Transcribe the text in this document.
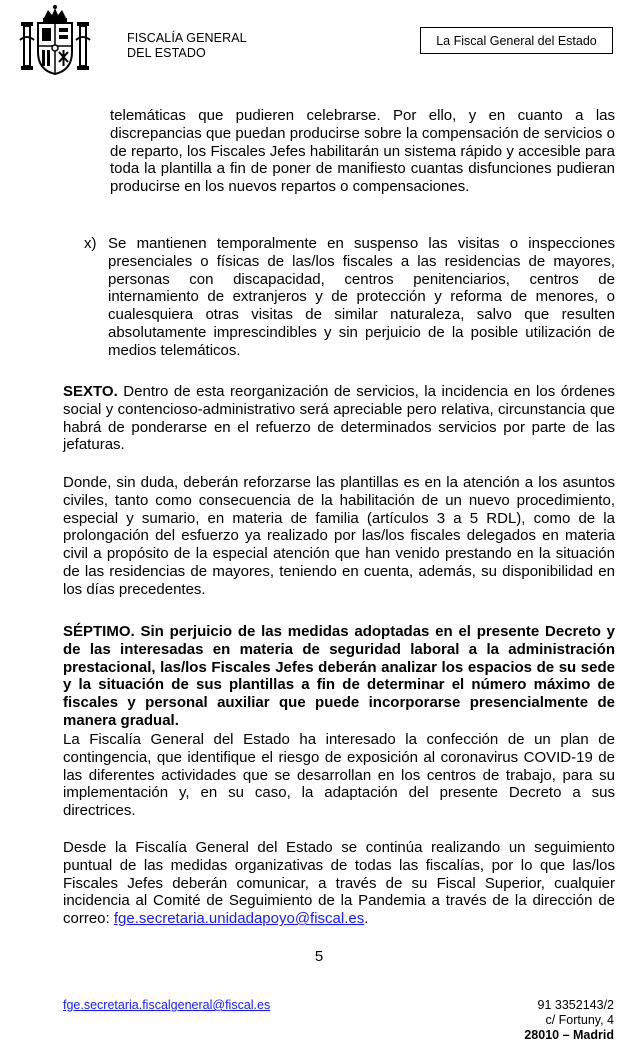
FISCALÍA GENERAL
DEL ESTADO
La Fiscal General del Estado

telemáticas que pudieren celebrarse. Por ello, y en cuanto a las discrepancias que puedan producirse sobre la compensación de servicios o de reparto, los Fiscales Jefes habilitarán un sistema rápido y accesible para toda la plantilla a fin de poner de manifiesto cuantas disfunciones pudieran producirse en los nuevos repartos o compensaciones.

x) Se mantienen temporalmente en suspenso las visitas o inspecciones presenciales o físicas de las/los fiscales a las residencias de mayores, personas con discapacidad, centros penitenciarios, centros de internamiento de extranjeros y de protección y reforma de menores, o cualesquiera otras visitas de similar naturaleza, salvo que resulten absolutamente imprescindibles y sin perjuicio de la posible utilización de medios telemáticos.

SEXTO. Dentro de esta reorganización de servicios, la incidencia en los órdenes social y contencioso-administrativo será apreciable pero relativa, circunstancia que habrá de ponderarse en el refuerzo de determinados servicios por parte de las jefaturas.

Donde, sin duda, deberán reforzarse las plantillas es en la atención a los asuntos civiles, tanto como consecuencia de la habilitación de un nuevo procedimiento, especial y sumario, en materia de familia (artículos 3 a 5 RDL), como de la prolongación del esfuerzo ya realizado por las/los fiscales delegados en materia civil a propósito de la especial atención que han venido prestando en la situación de las residencias de mayores, teniendo en cuenta, además, su disponibilidad en los días precedentes.

SÉPTIMO. Sin perjuicio de las medidas adoptadas en el presente Decreto y de las interesadas en materia de seguridad laboral a la administración prestacional, las/los Fiscales Jefes deberán analizar los espacios de su sede y la situación de sus plantillas a fin de determinar el número máximo de fiscales y personal auxiliar que puede incorporarse presencialmente de manera gradual.

La Fiscalía General del Estado ha interesado la confección de un plan de contingencia, que identifique el riesgo de exposición al coronavirus COVID-19 de las diferentes actividades que se desarrollan en los centros de trabajo, para su implementación y, en su caso, la adaptación del presente Decreto a sus directrices.

Desde la Fiscalía General del Estado se continúa realizando un seguimiento puntual de las medidas organizativas de todas las fiscalías, por lo que las/los Fiscales Jefes deberán comunicar, a través de su Fiscal Superior, cualquier incidencia al Comité de Seguimiento de la Pandemia a través de la dirección de correo: fge.secretaria.unidadapoyo@fiscal.es.

5
fge.secretaria.fiscalgeneral@fiscal.es	91 3352143/2
c/ Fortuny, 4
28010 – Madrid
